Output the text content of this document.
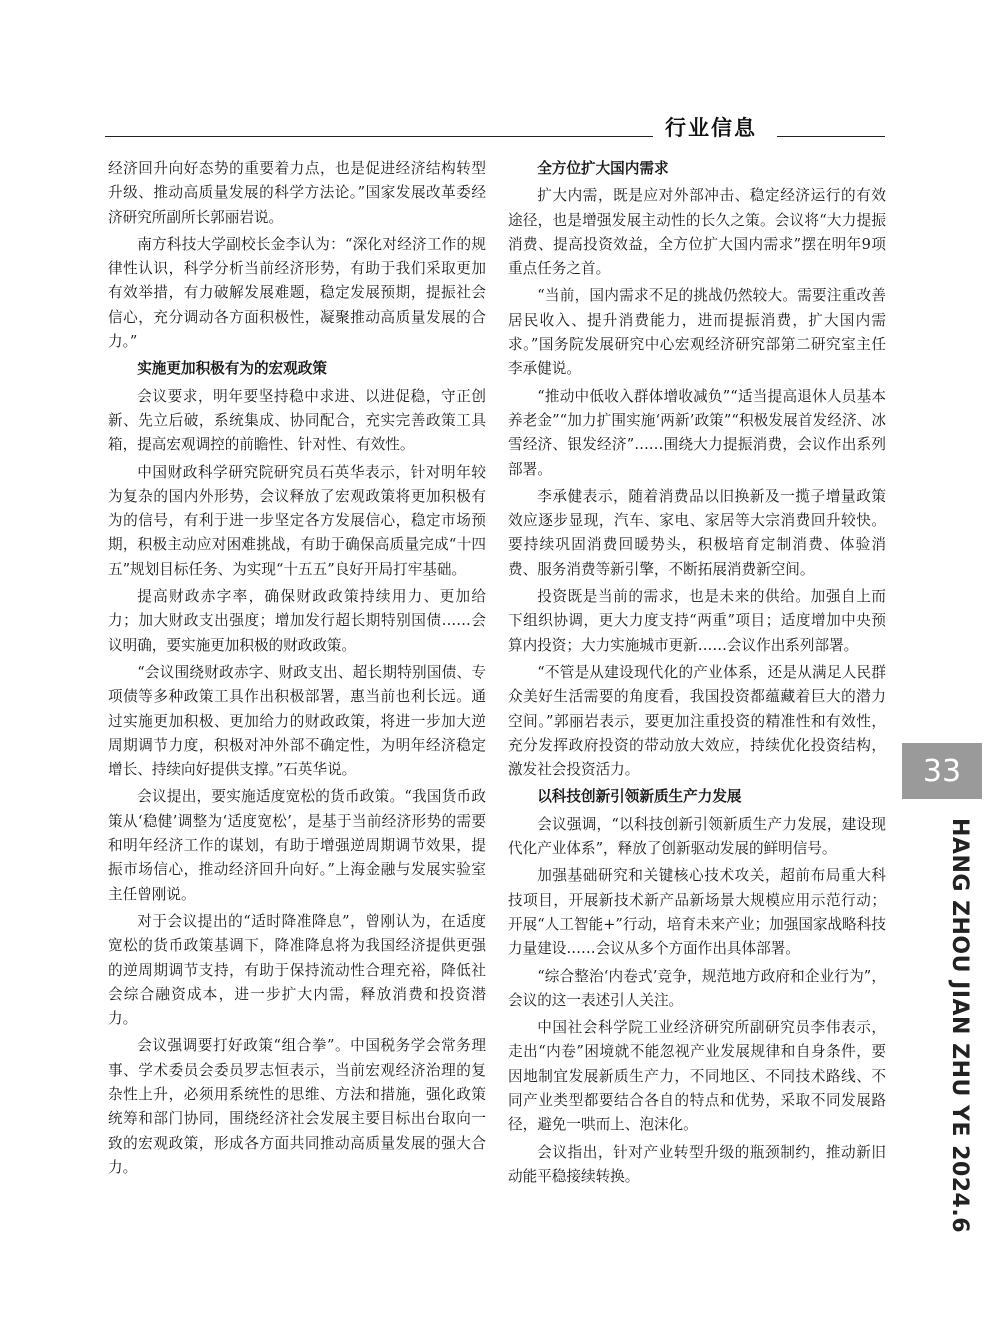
行业信息

经济回升向好态势的重要着力点，也是促进经济结构转型升级、推动高质量发展的科学方法论。”国家发展改革委经济研究所副所长郭丽岩说。

南方科技大学副校长金李认为：“深化对经济工作的规律性认识，科学分析当前经济形势，有助于我们采取更加有效举措，有力破解发展难题，稳定发展预期，提振社会信心，充分调动各方面积极性，凝聚推动高质量发展的合力。”

实施更加积极有为的宏观政策

会议要求，明年要坚持稳中求进、以进促稳，守正创新、先立后破，系统集成、协同配合，充实完善政策工具箱，提高宏观调控的前瞻性、针对性、有效性。

中国财政科学研究院研究员石英华表示，针对明年较为复杂的国内外形势，会议释放了宏观政策将更加积极有为的信号，有利于进一步坚定各方发展信心，稳定市场预期，积极主动应对困难挑战，有助于确保高质量完成“十四五”规划目标任务、为实现“十五五”良好开局打牢基础。

提高财政赤字率，确保财政政策持续用力、更加给力；加大财政支出强度；增加发行超长期特别国债……会议明确，要实施更加积极的财政政策。

“会议围绕财政赤字、财政支出、超长期特别国债、专项债等多种政策工具作出积极部署，惠当前也利长远。通过实施更加积极、更加给力的财政政策，将进一步加大逆周期调节力度，积极对冲外部不确定性，为明年经济稳定增长、持续向好提供支撑。”石英华说。

会议提出，要实施适度宽松的货币政策。“我国货币政策从‘稳健’调整为‘适度宽松’，是基于当前经济形势的需要和明年经济工作的谋划，有助于增强逆周期调节效果，提振市场信心，推动经济回升向好。”上海金融与发展实验室主任曾刚说。

对于会议提出的“适时降准降息”，曾刚认为，在适度宽松的货币政策基调下，降准降息将为我国经济提供更强的逆周期调节支持，有助于保持流动性合理充裕，降低社会综合融资成本，进一步扩大内需，释放消费和投资潜力。

会议强调要打好政策“组合拳”。中国税务学会常务理事、学术委员会委员罗志恒表示，当前宏观经济治理的复杂性上升，必须用系统性的思维、方法和措施，强化政策统筹和部门协同，围绕经济社会发展主要目标出台取向一致的宏观政策，形成各方面共同推动高质量发展的强大合力。

全方位扩大国内需求

扩大内需，既是应对外部冲击、稳定经济运行的有效途径，也是增强发展主动性的长久之策。会议将“大力提振消费、提高投资效益，全方位扩大国内需求”摆在明年9项重点任务之首。

“当前，国内需求不足的挑战仍然较大。需要注重改善居民收入、提升消费能力，进而提振消费，扩大国内需求。”国务院发展研究中心宏观经济研究部第二研究室主任李承健说。

“推动中低收入群体增收减负”“适当提高退休人员基本养老金”“加力扩围实施‘两新’政策”“积极发展首发经济、冰雪经济、银发经济”……围绕大力提振消费，会议作出系列部署。

李承健表示，随着消费品以旧换新及一揽子增量政策效应逐步显现，汽车、家电、家居等大宗消费回升较快。要持续巩固消费回暖势头，积极培育定制消费、体验消费、服务消费等新引擎，不断拓展消费新空间。

投资既是当前的需求，也是未来的供给。加强自上而下组织协调，更大力度支持“两重”项目；适度增加中央预算内投资；大力实施城市更新……会议作出系列部署。

“不管是从建设现代化的产业体系，还是从满足人民群众美好生活需要的角度看，我国投资都蕴藏着巨大的潜力空间。”郭丽岩表示，要更加注重投资的精准性和有效性，充分发挥政府投资的带动放大效应，持续优化投资结构，激发社会投资活力。

以科技创新引领新质生产力发展

会议强调，“以科技创新引领新质生产力发展，建设现代化产业体系”，释放了创新驱动发展的鲜明信号。

加强基础研究和关键核心技术攻关，超前布局重大科技项目，开展新技术新产品新场景大规模应用示范行动；开展“人工智能+”行动，培育未来产业；加强国家战略科技力量建设……会议从多个方面作出具体部署。

“综合整治‘内卷式’竞争，规范地方政府和企业行为”，会议的这一表述引人关注。

中国社会科学院工业经济研究所副研究员李伟表示，走出“内卷”困境就不能忽视产业发展规律和自身条件，要因地制宜发展新质生产力，不同地区、不同技术路线、不同产业类型都要结合各自的特点和优势，采取不同发展路径，避免一哄而上、泡沫化。

会议指出，针对产业转型升级的瓶颈制约，推动新旧动能平稳接续转换。

33
HANG ZHOU JIAN ZHU YE 2024.6
